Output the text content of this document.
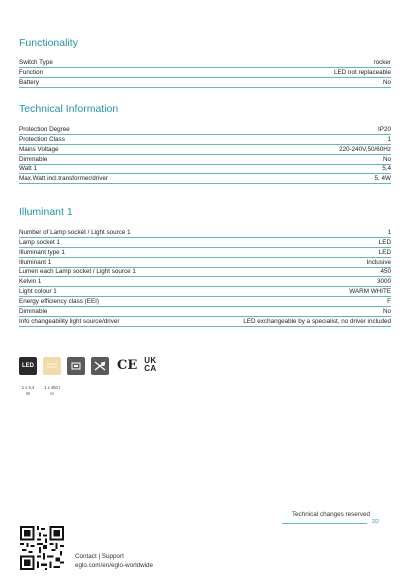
Functionality
Switch Type	rocker
Function	LED not replaceable
Battery	No
Technical Information
Protection Degree	IP20
Protection Class	1
Mains Voltage	220-240V,50/60Hz
Dimmable	No
Watt 1	5,4
Max.Watt incl.transformer/driver	5, 4W
Illuminant 1
Number of Lamp socket / Light source 1	1
Lamp socket 1	LED
Illuminant type 1	LED
Illuminant 1	Inclusive
Lumen each Lamp socket / Light source 1	450
Kelvin 1	3000
Light colour 1	WARM WHITE
Energy efficiency class (EEI)	F
Dimmable	No
Info changeability light source/driver	LED exchangeable by a specialist, no driver included
LED	WARM
WHITE	CE UK
CA
1 x 5,4
W
1 x 450 l
m
Technical changes reserved
2/2
Contact | Support
eglo.com/en/eglo-worldwide
